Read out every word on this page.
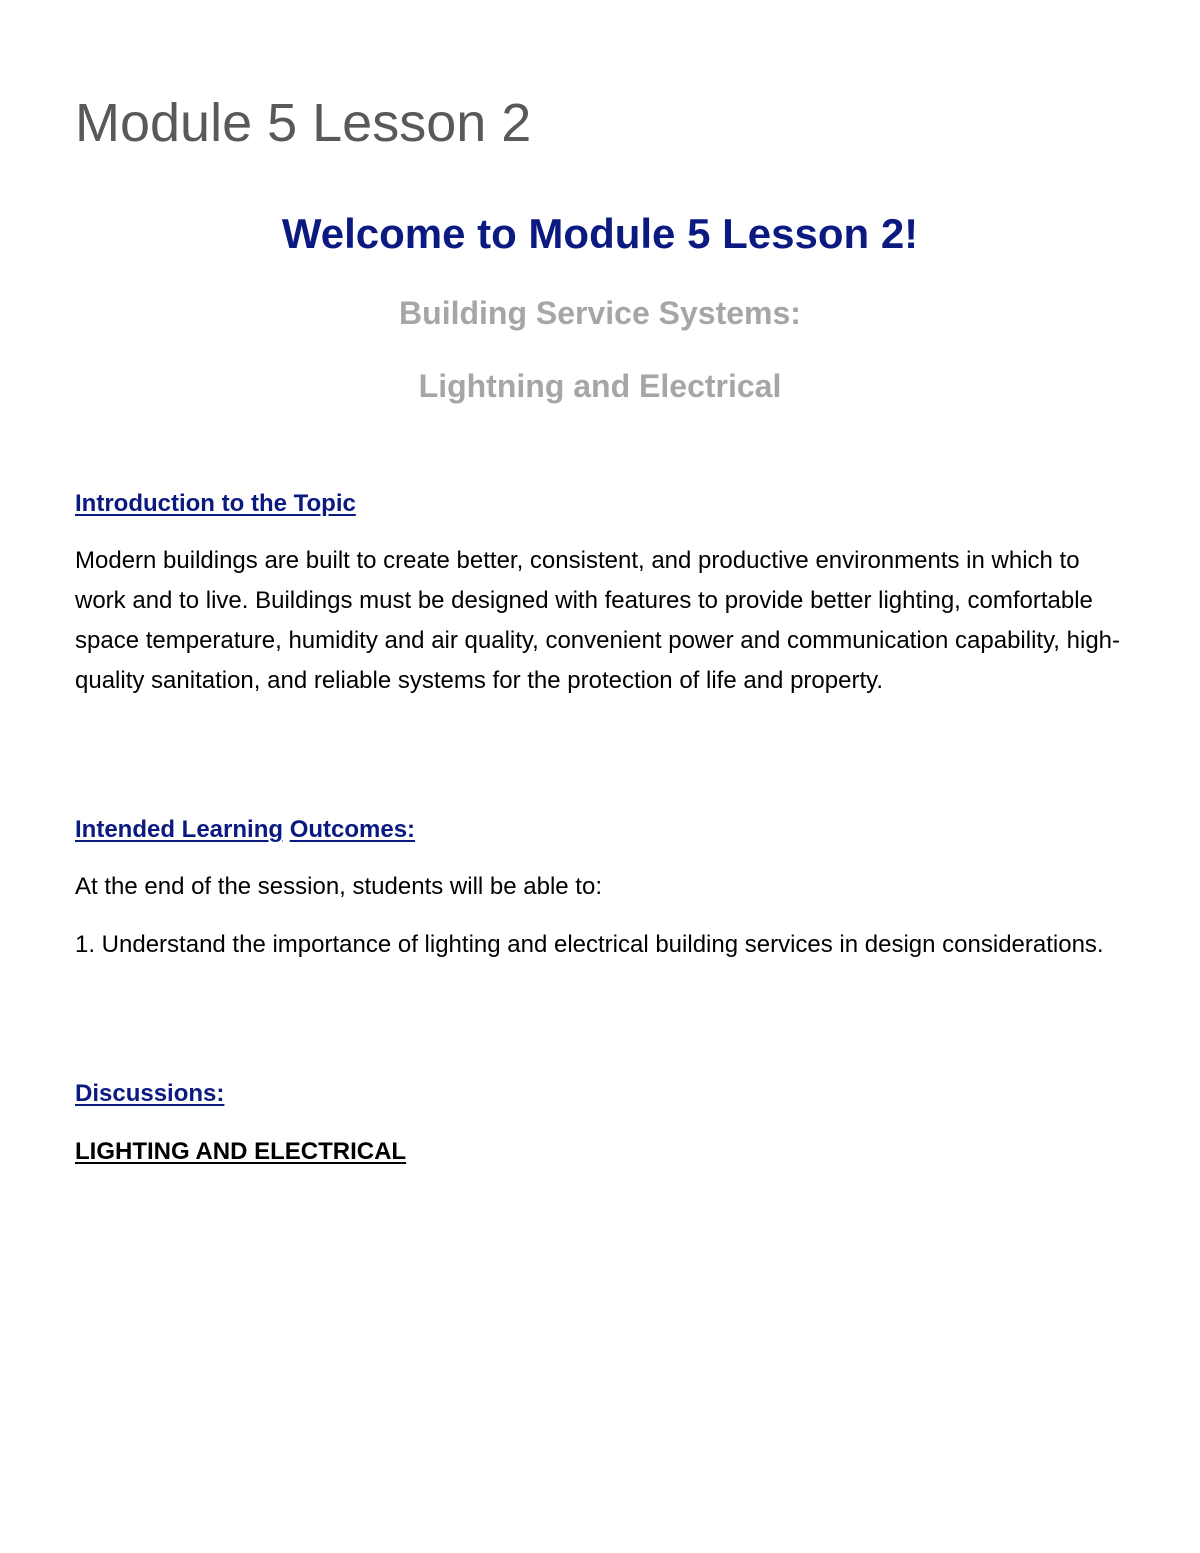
Module 5 Lesson 2
Welcome to Module 5 Lesson 2!

Building Service Systems:

Lightning and Electrical

Introduction to the Topic

Modern buildings are built to create better, consistent, and productive environments in which to work and to live. Buildings must be designed with features to provide better lighting, comfortable space temperature, humidity and air quality, convenient power and communication capability, high-quality sanitation, and reliable systems for the protection of life and property.

Intended Learning Outcomes:

At the end of the session, students will be able to:

1. Understand the importance of lighting and electrical building services in design considerations.

Discussions:

LIGHTING AND ELECTRICAL
